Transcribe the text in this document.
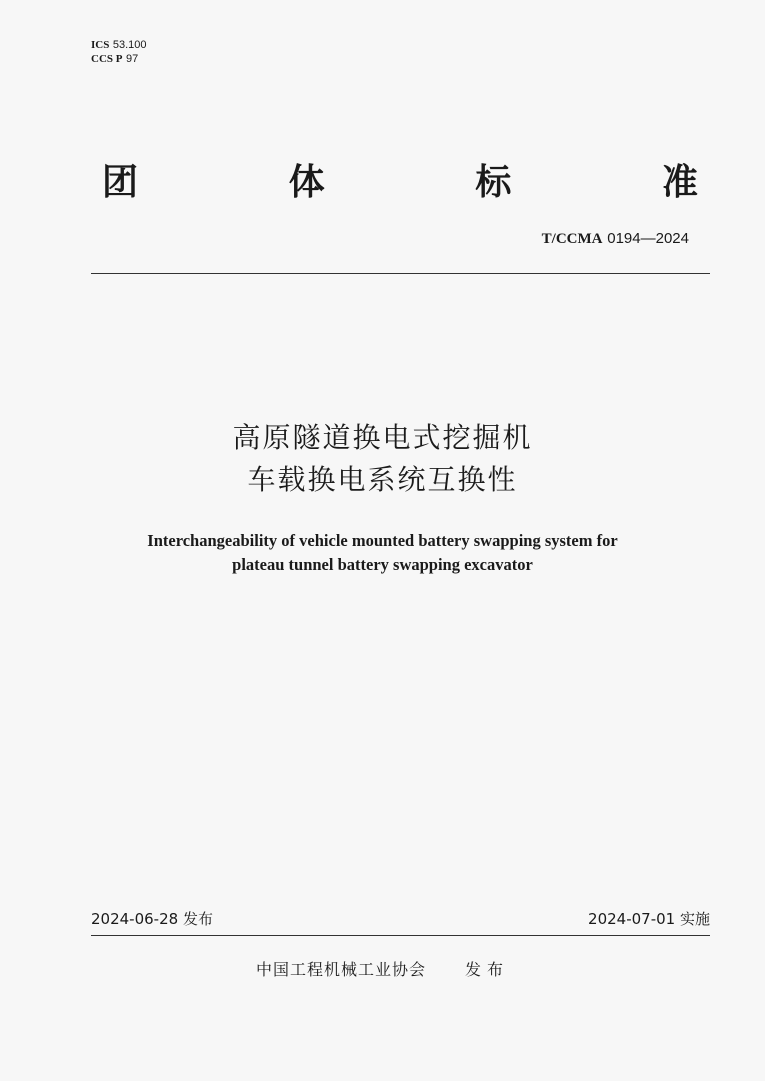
ICS 53.100
CCS P 97
团	体	标	准
T/CCMA 0194—2024
高原隧道换电式挖掘机
车载换电系统互换性
Interchangeability of vehicle mounted battery swapping system for
plateau tunnel battery swapping excavator
2024-06-28 发布	2024-07-01 实施
中国工程机械工业协会 发布
